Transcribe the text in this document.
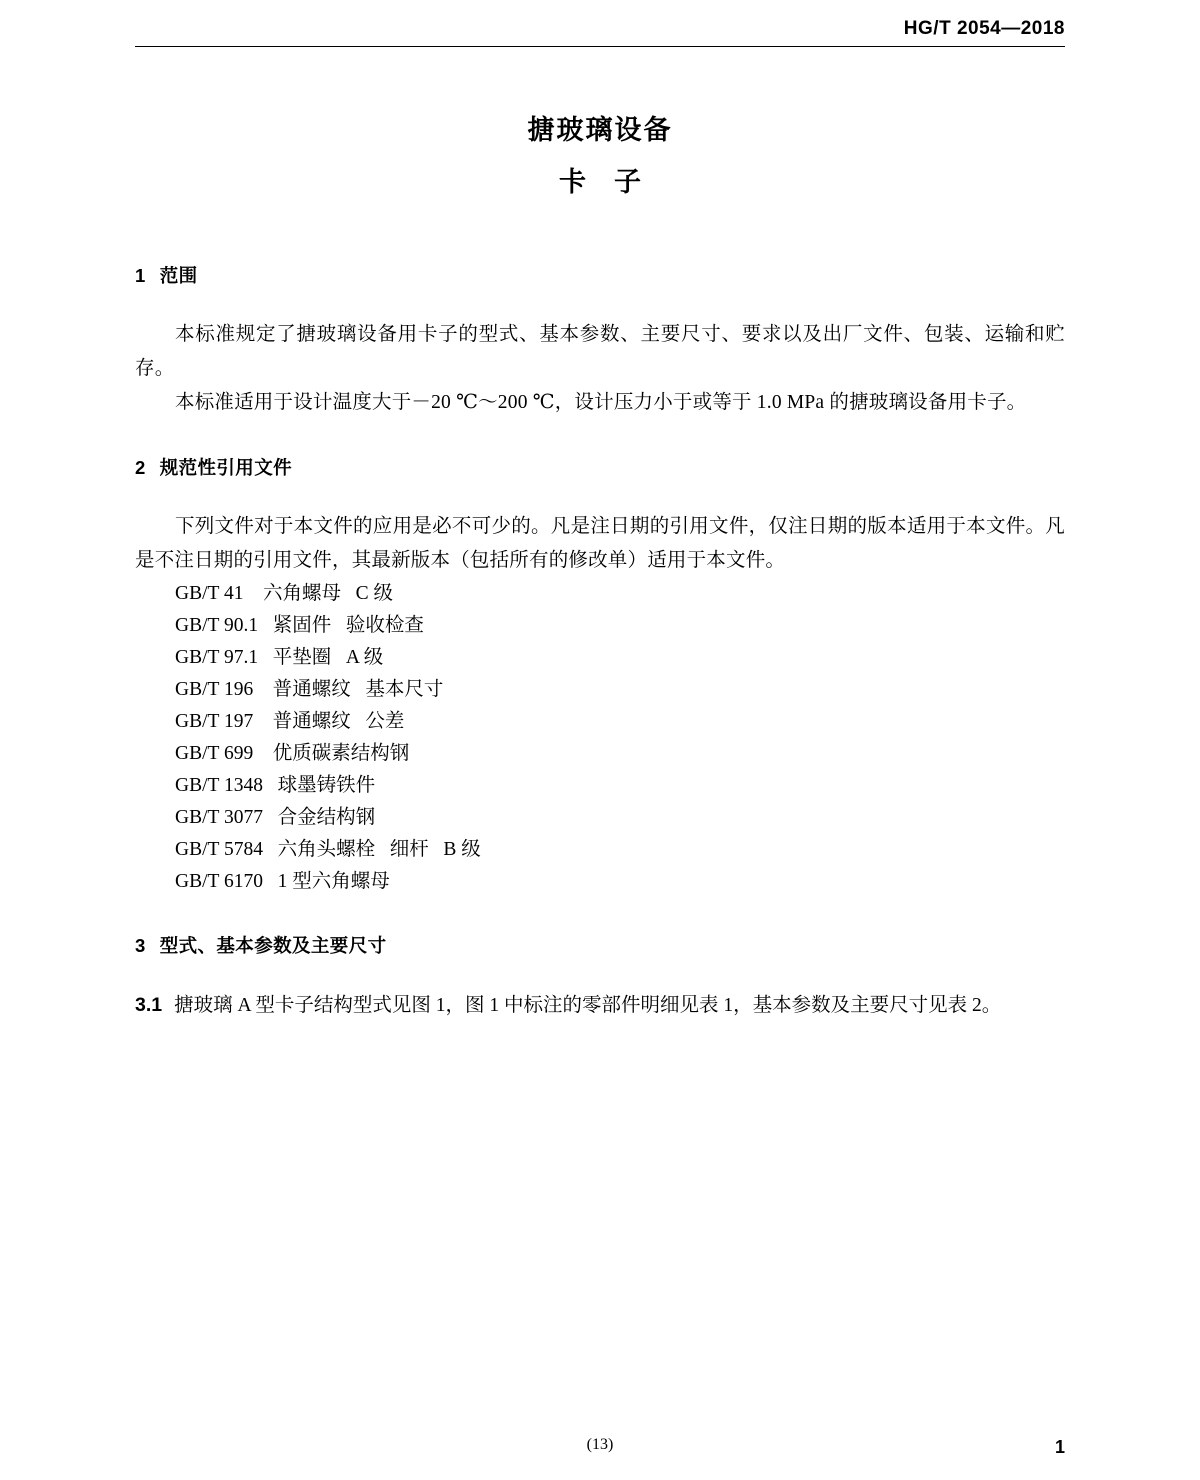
HG/T 2054—2018
搪玻璃设备
卡子
1 范围

本标准规定了搪玻璃设备用卡子的型式、基本参数、主要尺寸、要求以及出厂文件、包装、运输和贮存。

本标准适用于设计温度大于－20 ℃～200 ℃，设计压力小于或等于 1.0 MPa 的搪玻璃设备用卡子。

2 规范性引用文件

下列文件对于本文件的应用是必不可少的。凡是注日期的引用文件，仅注日期的版本适用于本文件。凡是不注日期的引用文件，其最新版本（包括所有的修改单）适用于本文件。

GB/T 41    六角螺母   C 级
GB/T 90.1   紧固件   验收检查
GB/T 97.1   平垫圈   A 级
GB/T 196    普通螺纹   基本尺寸
GB/T 197    普通螺纹   公差
GB/T 699    优质碳素结构钢
GB/T 1348   球墨铸铁件
GB/T 3077   合金结构钢
GB/T 5784   六角头螺栓   细杆   B 级
GB/T 6170   1 型六角螺母
3 型式、基本参数及主要尺寸

3.1 搪玻璃 A 型卡子结构型式见图 1，图 1 中标注的零部件明细见表 1，基本参数及主要尺寸见表 2。

(13)	1
